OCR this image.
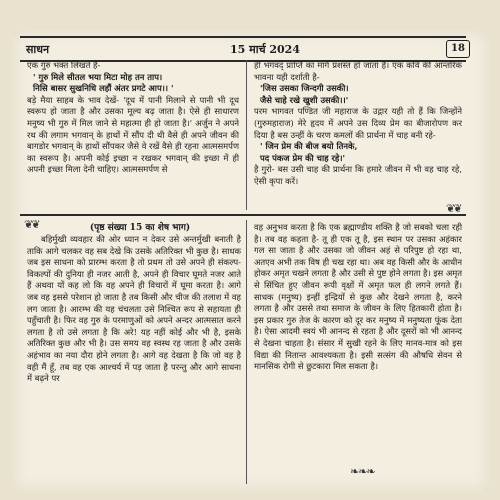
साधन	15 मार्च 2024	18

एक गुरु भक्त लिखते हैं-

' गुरु मिले सीतल भया मिटा मोह तन ताप।

निसि बासर सुखनिधि लहौं अंतर प्रगटे आप।। '

बड़े मैया साहब के भाव देखें- 'दूध में पानी मिलाने से पानी भी दूध स्वरूप हो जाता है और उसका मूल्य बढ़ जाता है। ऐसे ही साधारण मनुष्य भी गुरु में मिल जाने से महात्मा ही हो जाता है।' अर्जुन ने अपने रथ की लगाम भगवान् के हाथों में सौंप दी थी वैसे ही अपने जीवन की बागडोर भगवान् के हाथों सौंपकर जैसे वे रखें वैसे ही रहना आत्मसमर्पण का स्वरूप है। अपनी कोई इच्छा न रखकर भगवान् की इच्छा में ही अपनी इच्छा मिला देनी चाहिए। आत्मसमर्पण से

ही भगवद् प्राप्ति का मार्ग प्रशस्त हो जाता है। एक कवि की आन्तरिक भावना यही दर्शाती है-

'जिस उसका जिन्दगी उसकी।

जैसे चाहे रखे खुशी उसकी।।'

परम भागवत पण्डित जी महाराज के उद्गार यही तो हैं कि जिन्होंने (गुरुमहाराज) मेरे हृदय में अपने उस दिव्य प्रेम का बीजारोपण कर दिया है बस उन्हीं के चरण कमलों की प्रार्थना में चाह बनी रहे-

' जिन प्रेम की बीज बयो तिनके,

पद पंकज प्रेम की चाह रहे।'

है गुरो- बस उसी चाह की प्रार्थना कि हमारे जीवन में भी वह चाह रहे, ऐसी कृपा करें।

❦❦
❦❦
(पृष्ठ संख्या 15 का शेष भाग)

बहिर्मुखी व्यवहार की ओर ध्यान न देकर उसे अन्तर्मुखी बनाती है ताकि आगे चलकर वह सब देखे कि उसके अतिरिक्त भी कुछ है। साधक जब इस साधना को प्रारम्भ करता है तो प्रथम तो उसे अपने ही संकल्प-विकल्पों की दुनिया ही नजर आती है, अपने ही विचार घूमते नजर आते हैं अथवा यों कह लो कि वह अपने ही विचारों में घूमा करता है। आगे जब वह इससे परेशान हो जाता है तब किसी और चीज की तलाश में वह लग जाता है। आरम्भ की यह चंचलता उसे निश्चित रूप से सहायता ही पहुँचाती है। फिर वह गुरु के परमाणुओं को अपने अन्दर आत्मसात करने लगता है तो उसे लगता है कि अरे! यह नहीं कोई और भी है, इसके अतिरिक्त कुछ और भी है। उस समय वह स्वस्थ रह जाता है और उसके अहंभाव का नया दौरा होने लगता है। आगे वह देखता है कि जो वह है वही मैं हूँ, तब वह एक आश्चर्य में पड़ जाता है परन्तु और आगे साधना में बढ़ने पर

वह अनुभव करता है कि एक ब्रह्माण्डीय शक्ति है जो सबको चला रही है। तब वह कहता है- तू ही एक तू है, इस स्थान पर उसका अहंकार गल सा जाता है और उसका जो जीवन अहं से परिपुष्ट हो रहा था, अतएव अभी तक विष ही चख रहा था। अब वह किसी और के आधीन होकर अमृत चखने लगता है और उसी से पुष्ट होने लगता है। इस अमृत से सिंचित हुए जीवन रूपी वृक्षों में अमृत फल ही लगने लगते हैं। साधक (मनुष्य) इन्हीं इन्द्रियों से कुछ और देखने लगता है, करने लगता है और उससे तथा समाज के जीवन के लिए हितकारी होता है। इस प्रकार गुरु तेज के कारण को दूर कर मनुष्य में मनुष्यता फूंक देता है। ऐसा आदमी स्वयं भी आनन्द से रहता है और दूसरों को भी आनन्द से देखना चाहता है। संसार में सुखी रहने के लिए मानव-मात्र को इस विद्या की नितान्त आवश्यकता है। इसी सत्संग की औषधि सेवन से मानसिक रोगी से छुटकारा मिल सकता है।

❧❧❧
